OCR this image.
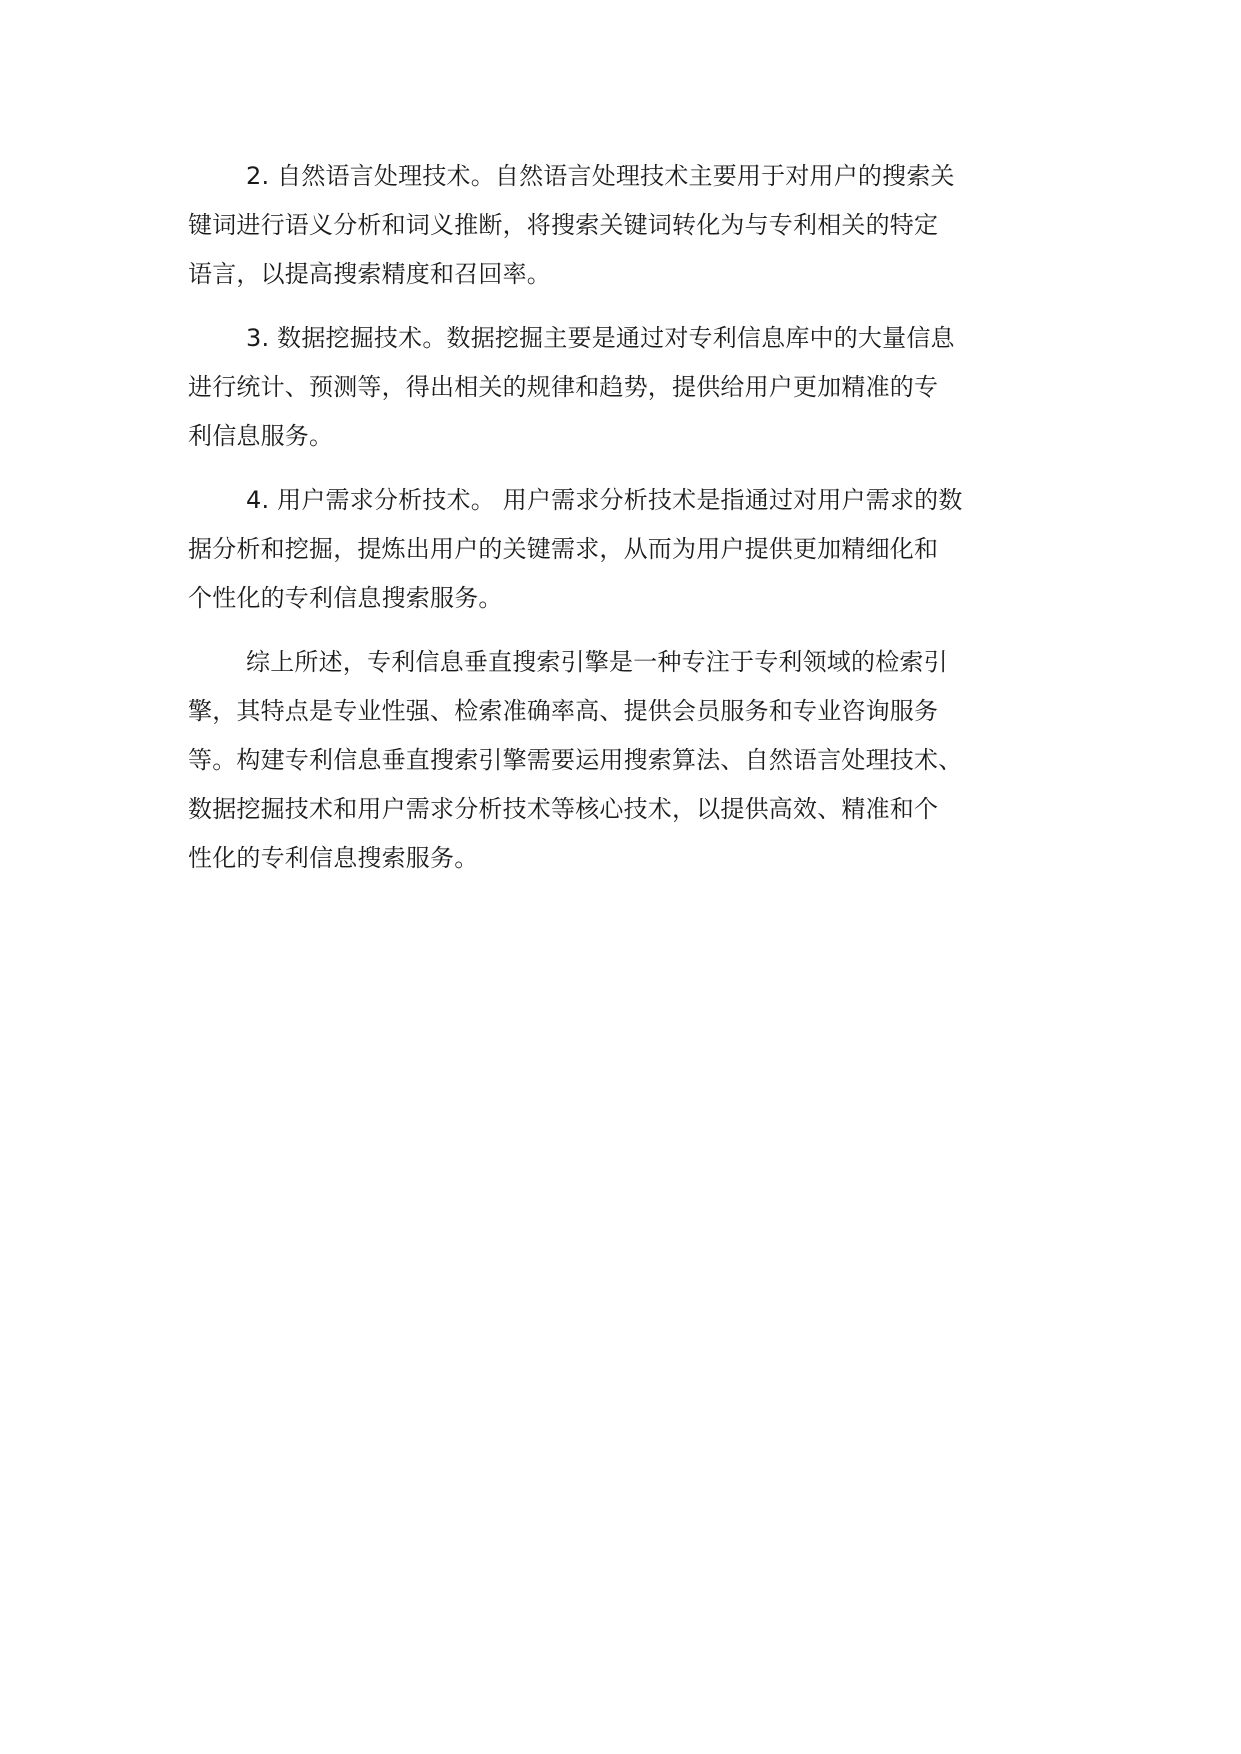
2. 自然语言处理技术。自然语言处理技术主要用于对用户的搜索关
键词进行语义分析和词义推断，将搜索关键词转化为与专利相关的特定
语言，以提高搜索精度和召回率。
3. 数据挖掘技术。数据挖掘主要是通过对专利信息库中的大量信息
进行统计、预测等，得出相关的规律和趋势，提供给用户更加精准的专
利信息服务。
4. 用户需求分析技术。 用户需求分析技术是指通过对用户需求的数
据分析和挖掘，提炼出用户的关键需求，从而为用户提供更加精细化和
个性化的专利信息搜索服务。
综上所述，专利信息垂直搜索引擎是一种专注于专利领域的检索引
擎，其特点是专业性强、检索准确率高、提供会员服务和专业咨询服务
等。构建专利信息垂直搜索引擎需要运用搜索算法、自然语言处理技术、
数据挖掘技术和用户需求分析技术等核心技术，以提供高效、精准和个
性化的专利信息搜索服务。
